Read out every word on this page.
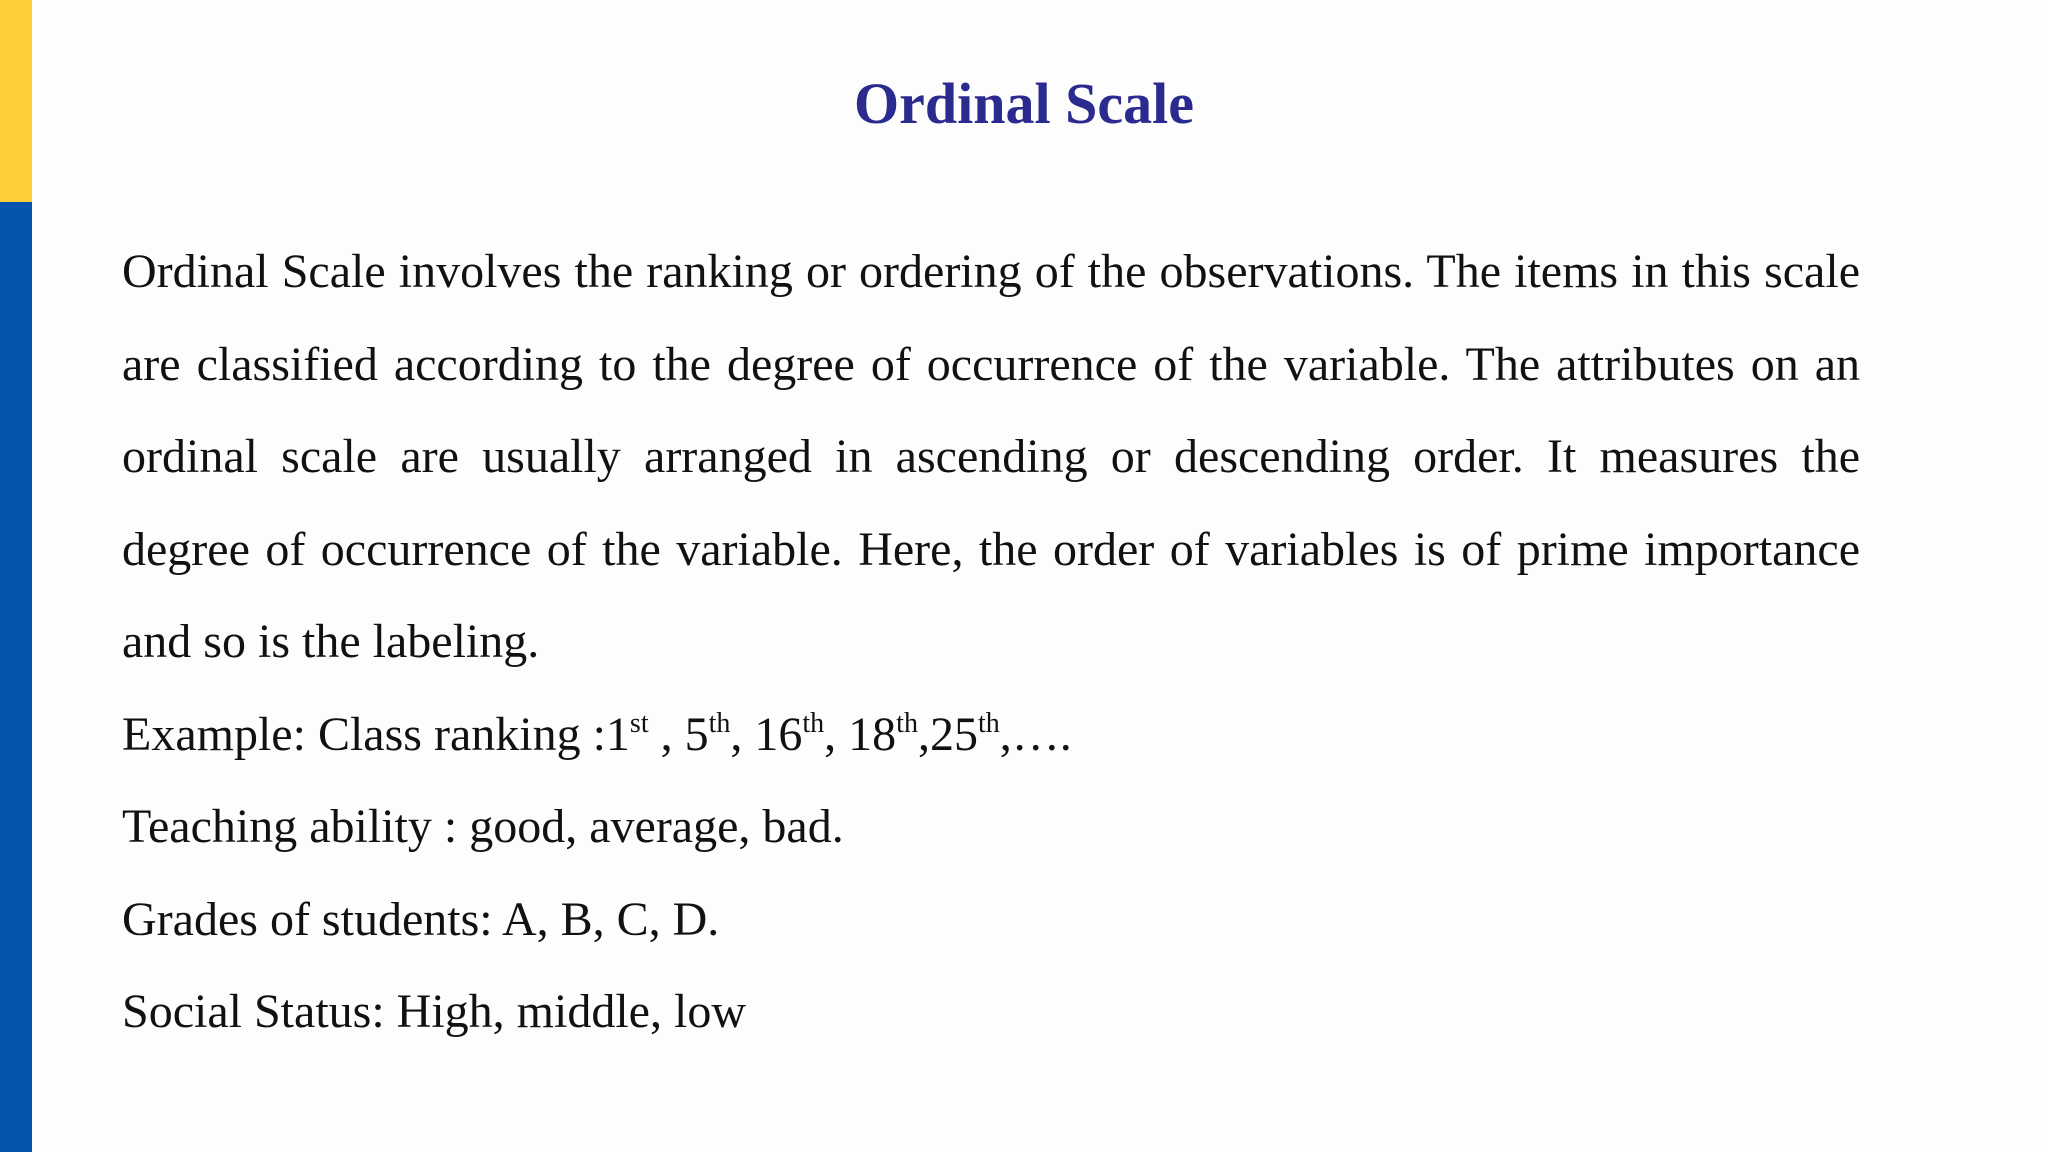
Ordinal Scale

Ordinal Scale involves the ranking or ordering of the observations. The items in this scale are classified according to the degree of occurrence of the variable. The attributes on an ordinal scale are usually arranged in ascending or descending order. It measures the degree of occurrence of the variable. Here, the order of variables is of prime importance and so is the labeling.

Example: Class ranking :1st , 5th, 16th, 18th,25th,….

Teaching ability : good, average, bad.

Grades of students: A, B, C, D.

Social Status: High, middle, low
